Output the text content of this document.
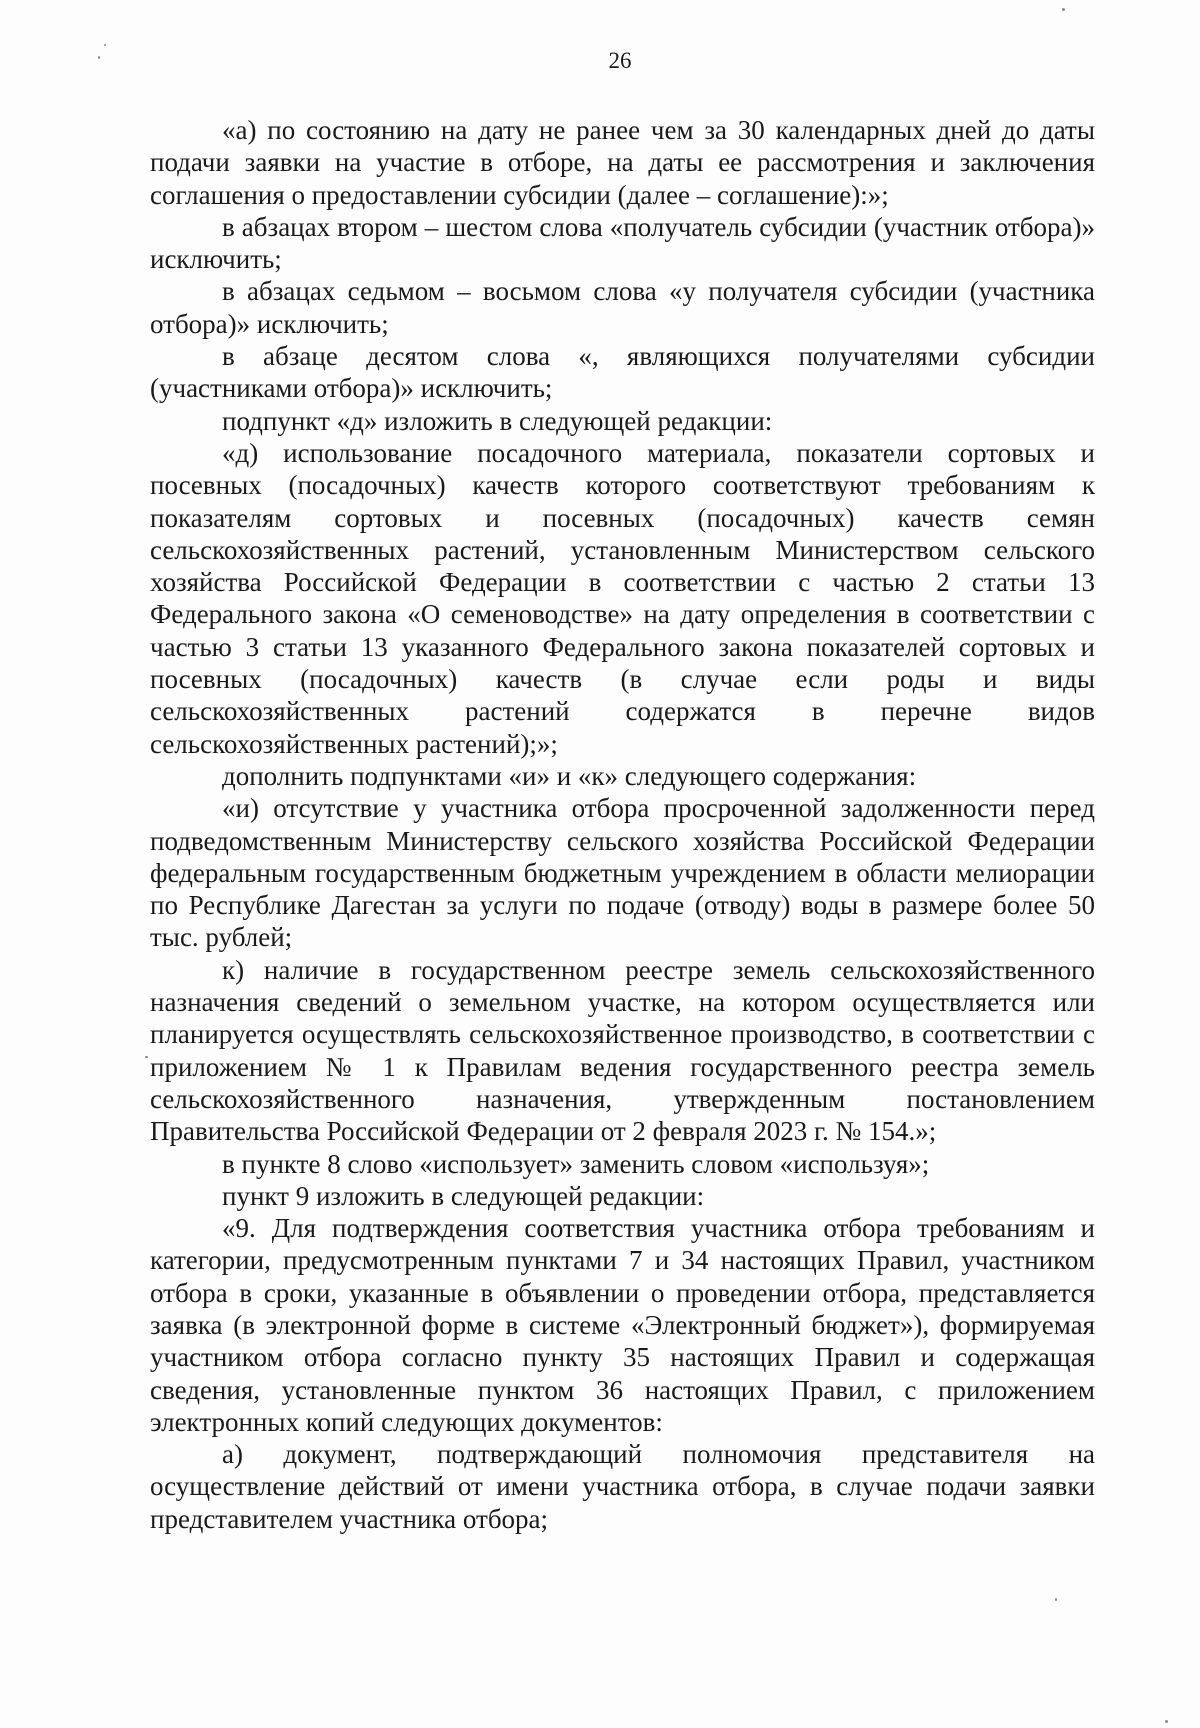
26

«а) по состоянию на дату не ранее чем за 30 календарных дней до даты подачи заявки на участие в отборе, на даты ее рассмотрения и заключения соглашения о предоставлении субсидии (далее – соглашение):»;

в абзацах втором – шестом слова «получатель субсидии (участник отбора)» исключить;

в абзацах седьмом – восьмом слова «у получателя субсидии (участника отбора)» исключить;

в абзаце десятом слова «, являющихся получателями субсидии (участниками отбора)» исключить;

подпункт «д» изложить в следующей редакции:

«д) использование посадочного материала, показатели сортовых и посевных (посадочных) качеств которого соответствуют требованиям к показателям сортовых и посевных (посадочных) качеств семян сельскохозяйственных растений, установленным Министерством сельского хозяйства Российской Федерации в соответствии с частью 2 статьи 13 Федерального закона «О семеноводстве» на дату определения в соответствии с частью 3 статьи 13 указанного Федерального закона показателей сортовых и посевных (посадочных) качеств (в случае если роды и виды сельскохозяйственных растений содержатся в перечне видов сельскохозяйственных растений);»;

дополнить подпунктами «и» и «к» следующего содержания:

«и) отсутствие у участника отбора просроченной задолженности перед подведомственным Министерству сельского хозяйства Российской Федерации федеральным государственным бюджетным учреждением в области мелиорации по Республике Дагестан за услуги по подаче (отводу) воды в размере более 50 тыс. рублей;

к) наличие в государственном реестре земель сельскохозяйственного назначения сведений о земельном участке, на котором осуществляется или планируется осуществлять сельскохозяйственное производство, в соответствии с приложением № 1 к Правилам ведения государственного реестра земель сельскохозяйственного назначения, утвержденным постановлением Правительства Российской Федерации от 2 февраля 2023 г. № 154.»;

в пункте 8 слово «использует» заменить словом «используя»;

пункт 9 изложить в следующей редакции:

«9. Для подтверждения соответствия участника отбора требованиям и категории, предусмотренным пунктами 7 и 34 настоящих Правил, участником отбора в сроки, указанные в объявлении о проведении отбора, представляется заявка (в электронной форме в системе «Электронный бюджет»), формируемая участником отбора согласно пункту 35 настоящих Правил и содержащая сведения, установленные пунктом 36 настоящих Правил, с приложением электронных копий следующих документов:

а) документ, подтверждающий полномочия представителя на осуществление действий от имени участника отбора, в случае подачи заявки представителем участника отбора;
